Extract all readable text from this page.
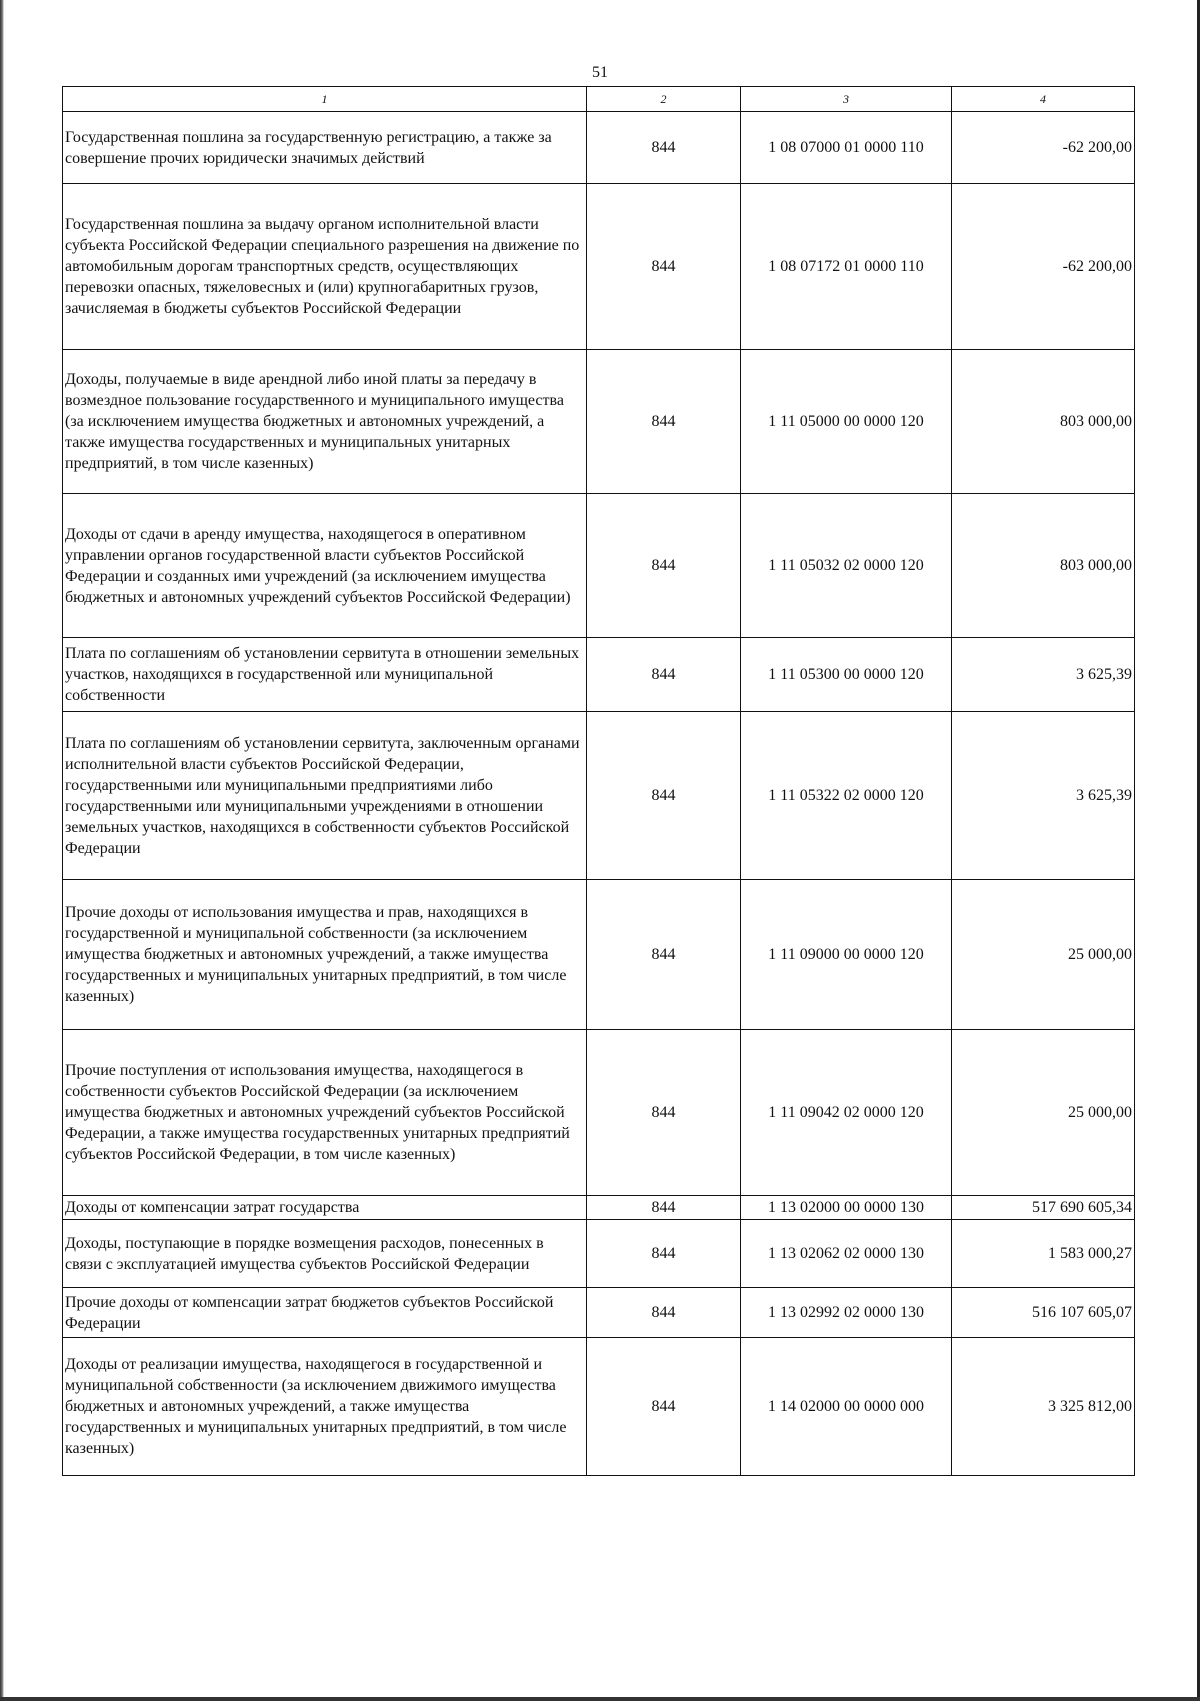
51
1	2	3	4
Государственная пошлина за государственную регистрацию, а также за совершение прочих юридически значимых действий	844	1 08 07000 01 0000 110	-62 200,00
Государственная пошлина за выдачу органом исполнительной власти субъекта Российской Федерации специального разрешения на движение по автомобильным дорогам транспортных средств, осуществляющих перевозки опасных, тяжеловесных и (или) крупногабаритных грузов, зачисляемая в бюджеты субъектов Российской Федерации	844	1 08 07172 01 0000 110	-62 200,00
Доходы, получаемые в виде арендной либо иной платы за передачу в возмездное пользование государственного и муниципального имущества (за исключением имущества бюджетных и автономных учреждений, а также имущества государственных и муниципальных унитарных предприятий, в том числе казенных)	844	1 11 05000 00 0000 120	803 000,00
Доходы от сдачи в аренду имущества, находящегося в оперативном управлении органов государственной власти субъектов Российской Федерации и созданных ими учреждений (за исключением имущества бюджетных и автономных учреждений субъектов Российской Федерации)	844	1 11 05032 02 0000 120	803 000,00
Плата по соглашениям об установлении сервитута в отношении земельных участков, находящихся в государственной или муниципальной собственности	844	1 11 05300 00 0000 120	3 625,39
Плата по соглашениям об установлении сервитута, заключенным органами исполнительной власти субъектов Российской Федерации, государственными или муниципальными предприятиями либо государственными или муниципальными учреждениями в отношении земельных участков, находящихся в собственности субъектов Российской Федерации	844	1 11 05322 02 0000 120	3 625,39
Прочие доходы от использования имущества и прав, находящихся в государственной и муниципальной собственности (за исключением имущества бюджетных и автономных учреждений, а также имущества государственных и муниципальных унитарных предприятий, в том числе казенных)	844	1 11 09000 00 0000 120	25 000,00
Прочие поступления от использования имущества, находящегося в собственности субъектов Российской Федерации (за исключением имущества бюджетных и автономных учреждений субъектов Российской Федерации, а также имущества государственных унитарных предприятий субъектов Российской Федерации, в том числе казенных)	844	1 11 09042 02 0000 120	25 000,00
Доходы от компенсации затрат государства	844	1 13 02000 00 0000 130	517 690 605,34
Доходы, поступающие в порядке возмещения расходов, понесенных в связи с эксплуатацией имущества субъектов Российской Федерации	844	1 13 02062 02 0000 130	1 583 000,27
Прочие доходы от компенсации затрат бюджетов субъектов Российской Федерации	844	1 13 02992 02 0000 130	516 107 605,07
Доходы от реализации имущества, находящегося в государственной и муниципальной собственности (за исключением движимого имущества бюджетных и автономных учреждений, а также имущества государственных и муниципальных унитарных предприятий, в том числе казенных)	844	1 14 02000 00 0000 000	3 325 812,00
